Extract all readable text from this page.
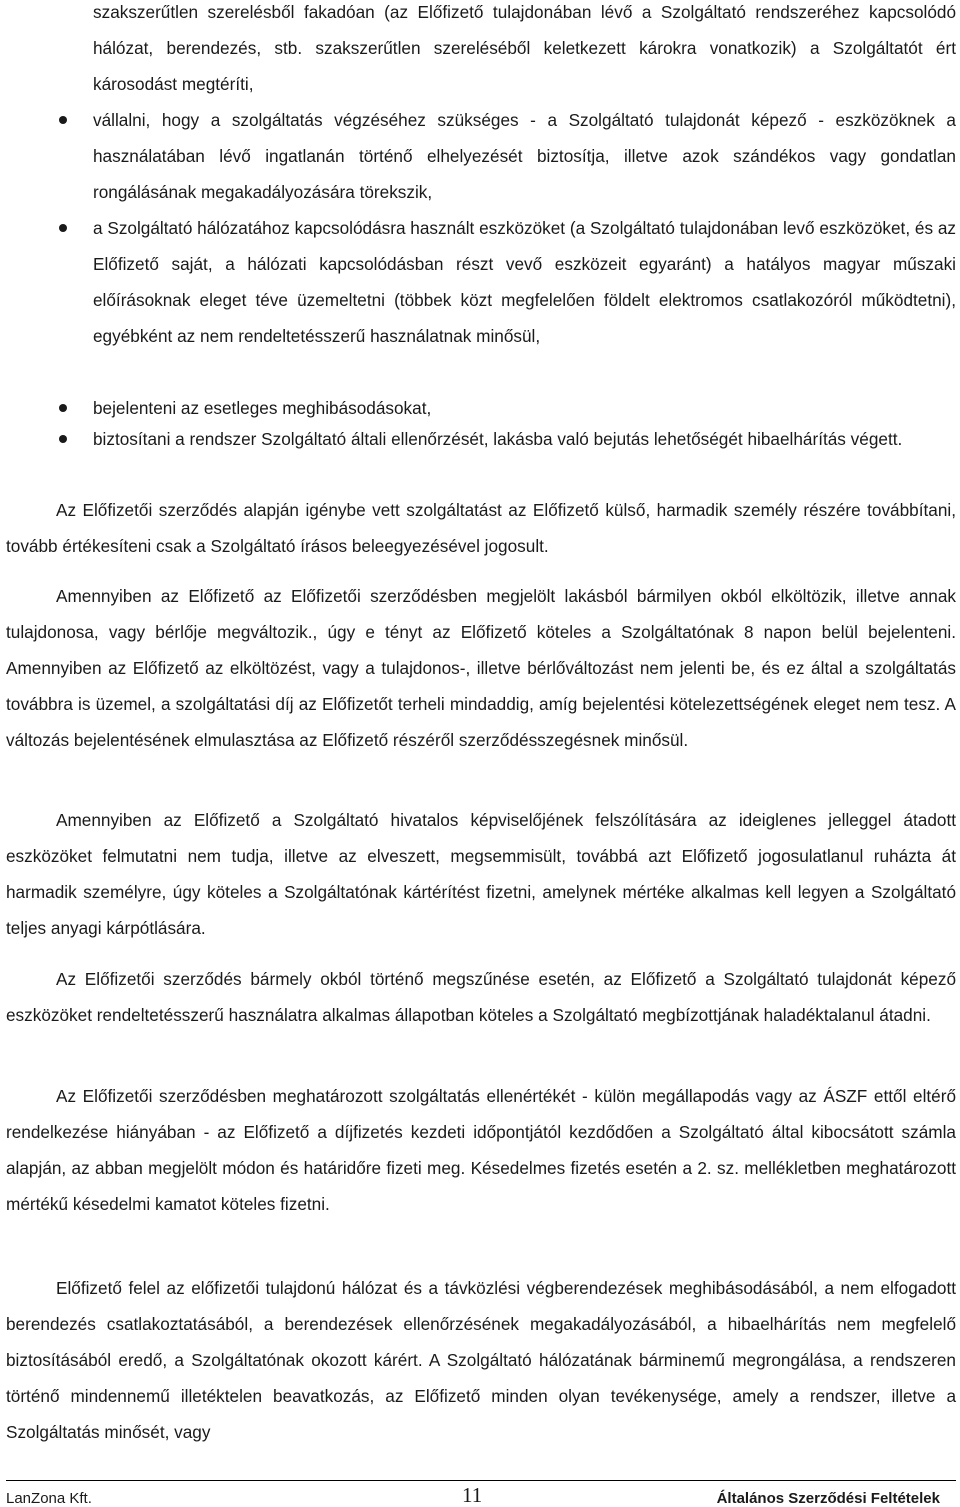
szakszerűtlen szerelésből fakadóan (az Előfizető tulajdonában lévő a Szolgáltató rendszeréhez kapcsolódó hálózat, berendezés, stb. szakszerűtlen szereléséből keletkezett károkra vonatkozik) a Szolgáltatót ért károsodást megtéríti,

vállalni, hogy a szolgáltatás végzéséhez szükséges - a Szolgáltató tulajdonát képező - eszközöknek a használatában lévő ingatlanán történő elhelyezését biztosítja, illetve azok szándékos vagy gondatlan rongálásának megakadályozására törekszik,
a Szolgáltató hálózatához kapcsolódásra használt eszközöket (a Szolgáltató tulajdonában levő eszközöket, és az Előfizető saját, a hálózati kapcsolódásban részt vevő eszközeit egyaránt) a hatályos magyar műszaki előírásoknak eleget téve üzemeltetni (többek közt megfelelően földelt elektromos csatlakozóról működtetni), egyébként az nem rendeltetésszerű használatnak minősül,
bejelenteni az esetleges meghibásodásokat,
biztosítani a rendszer Szolgáltató általi ellenőrzését, lakásba való bejutás lehetőségét hibaelhárítás végett.

Az Előfizetői szerződés alapján igénybe vett szolgáltatást az Előfizető külső, harmadik személy részére továbbítani, tovább értékesíteni csak a Szolgáltató írásos beleegyezésével jogosult.

Amennyiben az Előfizető az Előfizetői szerződésben megjelölt lakásból bármilyen okból elköltözik, illetve annak tulajdonosa, vagy bérlője megváltozik., úgy e tényt az Előfizető köteles a Szolgáltatónak 8 napon belül bejelenteni. Amennyiben az Előfizető az elköltözést, vagy a tulajdonos-, illetve bérlőváltozást nem jelenti be, és ez által a szolgáltatás továbbra is üzemel, a szolgáltatási díj az Előfizetőt terheli mindaddig, amíg bejelentési kötelezettségének eleget nem tesz. A változás bejelentésének elmulasztása az Előfizető részéről szerződésszegésnek minősül.

Amennyiben az Előfizető a Szolgáltató hivatalos képviselőjének felszólítására az ideiglenes jelleggel átadott eszközöket felmutatni nem tudja, illetve az elveszett, megsemmisült, továbbá azt Előfizető jogosulatlanul ruházta át harmadik személyre, úgy köteles a Szolgáltatónak kártérítést fizetni, amelynek mértéke alkalmas kell legyen a Szolgáltató teljes anyagi kárpótlására.

Az Előfizetői szerződés bármely okból történő megszűnése esetén, az Előfizető a Szolgáltató tulajdonát képező eszközöket rendeltetésszerű használatra alkalmas állapotban köteles a Szolgáltató megbízottjának haladéktalanul átadni.

Az Előfizetői szerződésben meghatározott szolgáltatás ellenértékét - külön megállapodás vagy az ÁSZF ettől eltérő rendelkezése hiányában - az Előfizető a díjfizetés kezdeti időpontjától kezdődően a Szolgáltató által kibocsátott számla alapján, az abban megjelölt módon és határidőre fizeti meg. Késedelmes fizetés esetén a 2. sz. mellékletben meghatározott mértékű késedelmi kamatot köteles fizetni.

Előfizető felel az előfizetői tulajdonú hálózat és a távközlési végberendezések meghibásodásából, a nem elfogadott berendezés csatlakoztatásából, a berendezések ellenőrzésének megakadályozásából, a hibaelhárítás nem megfelelő biztosításából eredő, a Szolgáltatónak okozott kárért. A Szolgáltató hálózatának bárminemű megrongálása, a rendszeren történő mindennemű illetéktelen beavatkozás, az Előfizető minden olyan tevékenysége, amely a rendszer, illetve a Szolgáltatás minősét, vagy

LanZona Kft.	11	Általános Szerződési Feltételek
